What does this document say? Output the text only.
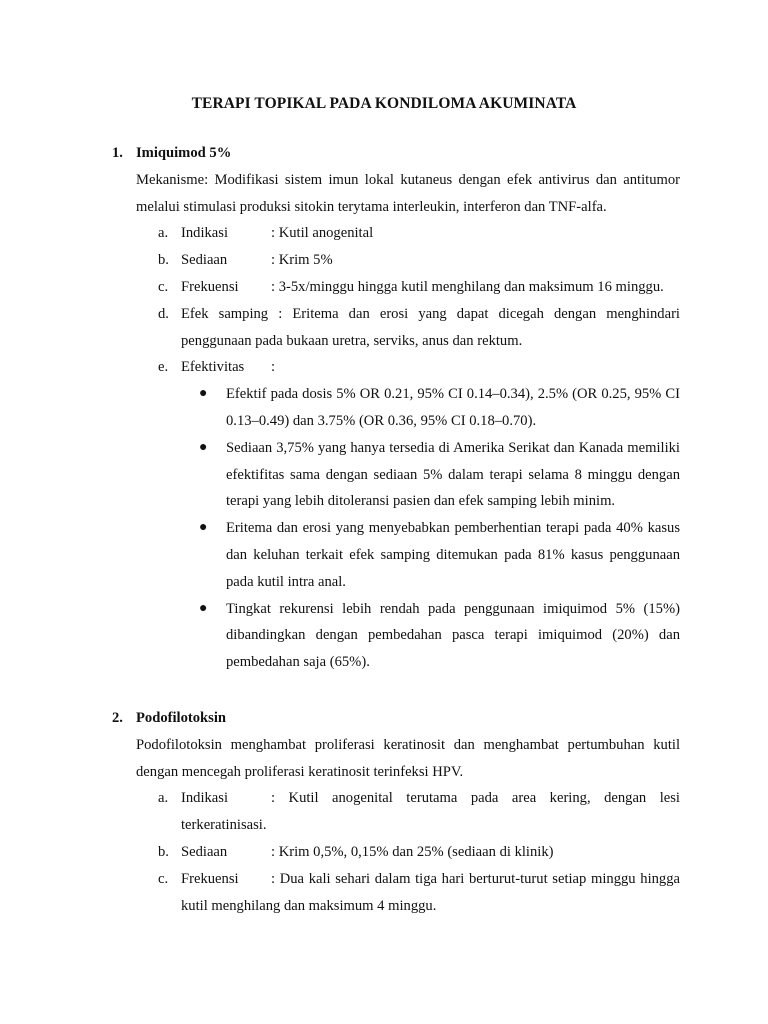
TERAPI TOPIKAL PADA KONDILOMA AKUMINATA
1. Imiquimod 5%
Mekanisme: Modifikasi sistem imun lokal kutaneus dengan efek antivirus dan antitumor melalui stimulasi produksi sitokin terytama interleukin, interferon dan TNF-alfa.
a. Indikasi	: Kutil anogenital
b. Sediaan	: Krim 5%
c. Frekuensi : 3-5x/minggu hingga kutil menghilang dan maksimum 16 minggu.
d. Efek samping : Eritema dan erosi yang dapat dicegah dengan menghindari penggunaan pada bukaan uretra, serviks, anus dan rektum.
e. Efektivitas :
● Efektif pada dosis 5% OR 0.21, 95% CI 0.14–0.34), 2.5% (OR 0.25, 95% CI 0.13–0.49) dan 3.75% (OR 0.36, 95% CI 0.18–0.70).
● Sediaan 3,75% yang hanya tersedia di Amerika Serikat dan Kanada memiliki efektifitas sama dengan sediaan 5% dalam terapi selama 8 minggu dengan terapi yang lebih ditoleransi pasien dan efek samping lebih minim.
● Eritema dan erosi yang menyebabkan pemberhentian terapi pada 40% kasus dan keluhan terkait efek samping ditemukan pada 81% kasus penggunaan pada kutil intra anal.
● Tingkat rekurensi lebih rendah pada penggunaan imiquimod 5% (15%) dibandingkan dengan pembedahan pasca terapi imiquimod (20%) dan pembedahan saja (65%).
2. Podofilotoksin
Podofilotoksin menghambat proliferasi keratinosit dan menghambat pertumbuhan kutil dengan mencegah proliferasi keratinosit terinfeksi HPV.
a. Indikasi	: Kutil anogenital terutama pada area kering, dengan lesi terkeratinisasi.
b. Sediaan	: Krim 0,5%, 0,15% dan 25% (sediaan di klinik)
c. Frekuensi : Dua kali sehari dalam tiga hari berturut-turut setiap minggu hingga kutil menghilang dan maksimum 4 minggu.
